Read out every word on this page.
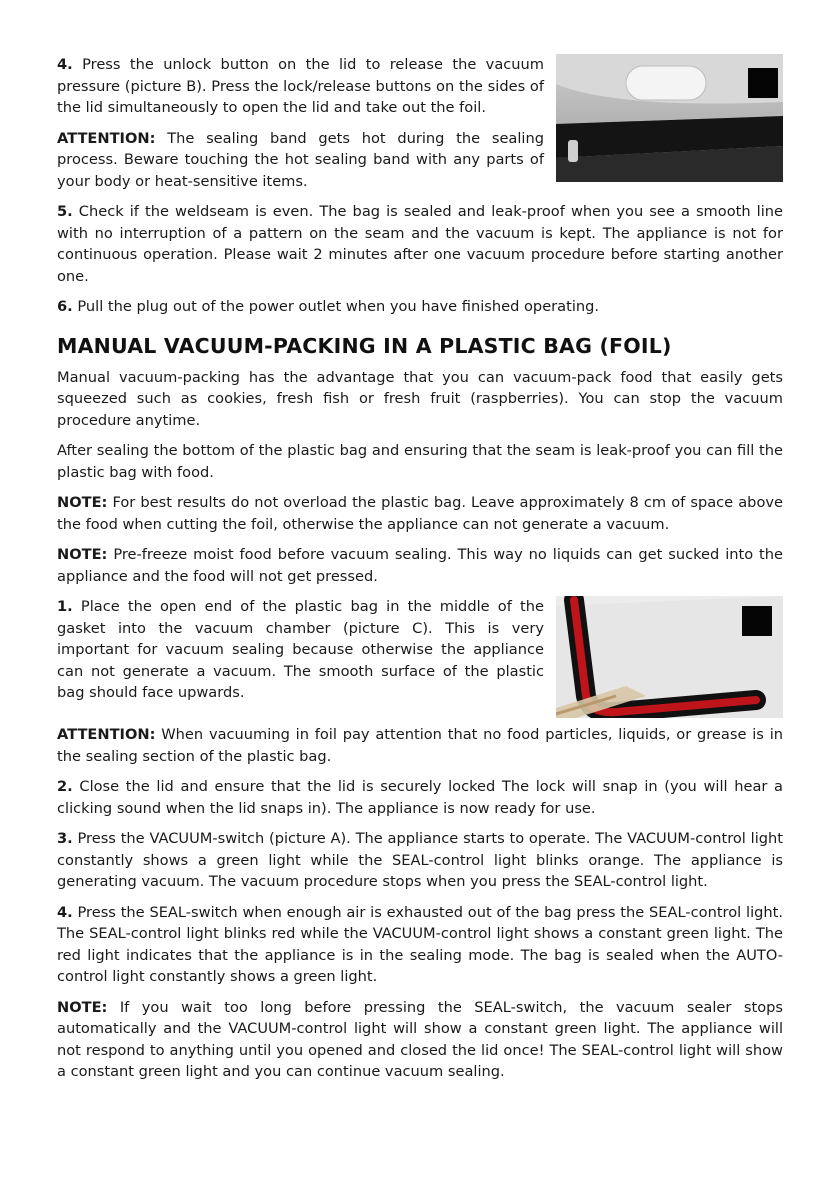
4. Press the unlock button on the lid to release the vacuum pressure (picture B). Press the lock/release buttons on the sides of the lid simultaneously to open the lid and take out the foil.

ATTENTION: The sealing band gets hot during the sealing process. Beware touching the hot sealing band with any parts of your body or heat-sensitive items.

5. Check if the weldseam is even. The bag is sealed and leak-proof when you see a smooth line with no interruption of a pattern on the seam and the vacuum is kept. The appliance is not for continuous operation. Please wait 2 minutes after one vacuum procedure before starting another one.

6. Pull the plug out of the power outlet when you have finished operating.

MANUAL VACUUM-PACKING IN A PLASTIC BAG (FOIL)

Manual vacuum-packing has the advantage that you can vacuum-pack food that easily gets squeezed such as cookies, fresh fish or fresh fruit (raspberries). You can stop the vacuum procedure anytime.

After sealing the bottom of the plastic bag and ensuring that the seam is leak-proof you can fill the plastic bag with food.

NOTE: For best results do not overload the plastic bag. Leave approximately 8 cm of space above the food when cutting the foil, otherwise the appliance can not generate a vacuum.

NOTE: Pre-freeze moist food before vacuum sealing. This way no liquids can get sucked into the appliance and the food will not get pressed.

1. Place the open end of the plastic bag in the middle of the gasket into the vacuum chamber (picture C). This is very important for vacuum sealing because otherwise the appliance can not generate a vacuum. The smooth surface of the plastic bag should face upwards.

ATTENTION: When vacuuming in foil pay attention that no food particles, liquids, or grease is in the sealing section of the plastic bag.

2. Close the lid and ensure that the lid is securely locked The lock will snap in (you will hear a clicking sound when the lid snaps in). The appliance is now ready for use.

3. Press the VACUUM-switch (picture A). The appliance starts to operate. The VACUUM-control light constantly shows a green light while the SEAL-control light blinks orange. The appliance is generating vacuum. The vacuum procedure stops when you press the SEAL-control light.

4. Press the SEAL-switch when enough air is exhausted out of the bag press the SEAL-control light. The SEAL-control light blinks red while the VACUUM-control light shows a constant green light. The red light indicates that the appliance is in the sealing mode. The bag is sealed when the AUTO-control light constantly shows a green light.

NOTE: If you wait too long before pressing the SEAL-switch, the vacuum sealer stops automatically and the VACUUM-control light will show a constant green light. The appliance will not respond to anything until you opened and closed the lid once! The SEAL-control light will show a constant green light and you can continue vacuum sealing.
